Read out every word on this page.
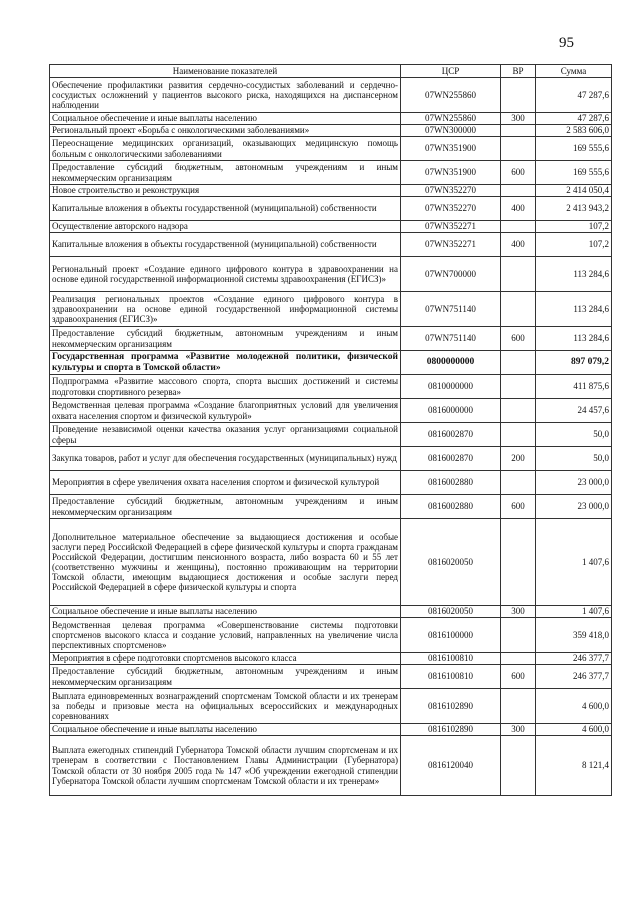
95
Наименование показателей	ЦСР	ВР	Сумма
Обеспечение профилактики развития сердечно-сосудистых заболеваний и сердечно-сосудистых осложнений у пациентов высокого риска, находящихся на диспансерном наблюдении	07WN255860		47 287,6
Социальное обеспечение и иные выплаты населению	07WN255860	300	47 287,6
Региональный проект «Борьба с онкологическими заболеваниями»	07WN300000		2 583 606,0
Переоснащение медицинских организаций, оказывающих медицинскую помощь больным с онкологическими заболеваниями	07WN351900		169 555,6
Предоставление субсидий бюджетным, автономным учреждениям и иным некоммерческим организациям	07WN351900	600	169 555,6
Новое строительство и реконструкция	07WN352270		2 414 050,4
Капитальные вложения в объекты государственной (муниципальной) собственности	07WN352270	400	2 413 943,2
Осуществление авторского надзора	07WN352271		107,2
Капитальные вложения в объекты государственной (муниципальной) собственности	07WN352271	400	107,2
Региональный проект «Создание единого цифрового контура в здравоохранении на основе единой государственной информационной системы здравоохранения (ЕГИСЗ)»	07WN700000		113 284,6
Реализация региональных проектов «Создание единого цифрового контура в здравоохранении на основе единой государственной информационной системы здравоохранения (ЕГИСЗ)»	07WN751140		113 284,6
Предоставление субсидий бюджетным, автономным учреждениям и иным некоммерческим организациям	07WN751140	600	113 284,6
Государственная программа «Развитие молодежной политики, физической культуры и спорта в Томской области»	0800000000		897 079,2
Подпрограмма «Развитие массового спорта, спорта высших достижений и системы подготовки спортивного резерва»	0810000000		411 875,6
Ведомственная целевая программа «Создание благоприятных условий для увеличения охвата населения спортом и физической культурой»	0816000000		24 457,6
Проведение независимой оценки качества оказания услуг организациями социальной сферы	0816002870		50,0
Закупка товаров, работ и услуг для обеспечения государственных (муниципальных) нужд	0816002870	200	50,0
Мероприятия в сфере увеличения охвата населения спортом и физической культурой	0816002880		23 000,0
Предоставление субсидий бюджетным, автономным учреждениям и иным некоммерческим организациям	0816002880	600	23 000,0
Дополнительное материальное обеспечение за выдающиеся достижения и особые заслуги перед Российской Федерацией в сфере физической культуры и спорта гражданам Российской Федерации, достигшим пенсионного возраста, либо возраста 60 и 55 лет (соответственно мужчины и женщины), постоянно проживающим на территории Томской области, имеющим выдающиеся достижения и особые заслуги перед Российской Федерацией в сфере физической культуры и спорта	0816020050		1 407,6
Социальное обеспечение и иные выплаты населению	0816020050	300	1 407,6
Ведомственная целевая программа «Совершенствование системы подготовки спортсменов высокого класса и создание условий, направленных на увеличение числа перспективных спортсменов»	0816100000		359 418,0
Мероприятия в сфере подготовки спортсменов высокого класса	0816100810		246 377,7
Предоставление субсидий бюджетным, автономным учреждениям и иным некоммерческим организациям	0816100810	600	246 377,7
Выплата единовременных вознаграждений спортсменам Томской области и их тренерам за победы и призовые места на официальных всероссийских и международных соревнованиях	0816102890		4 600,0
Социальное обеспечение и иные выплаты населению	0816102890	300	4 600,0
Выплата ежегодных стипендий Губернатора Томской области лучшим спортсменам и их тренерам в соответствии с Постановлением Главы Администрации (Губернатора) Томской области от 30 ноября 2005 года № 147 «Об учреждении ежегодной стипендии Губернатора Томской области лучшим спортсменам Томской области и их тренерам»	0816120040		8 121,4
